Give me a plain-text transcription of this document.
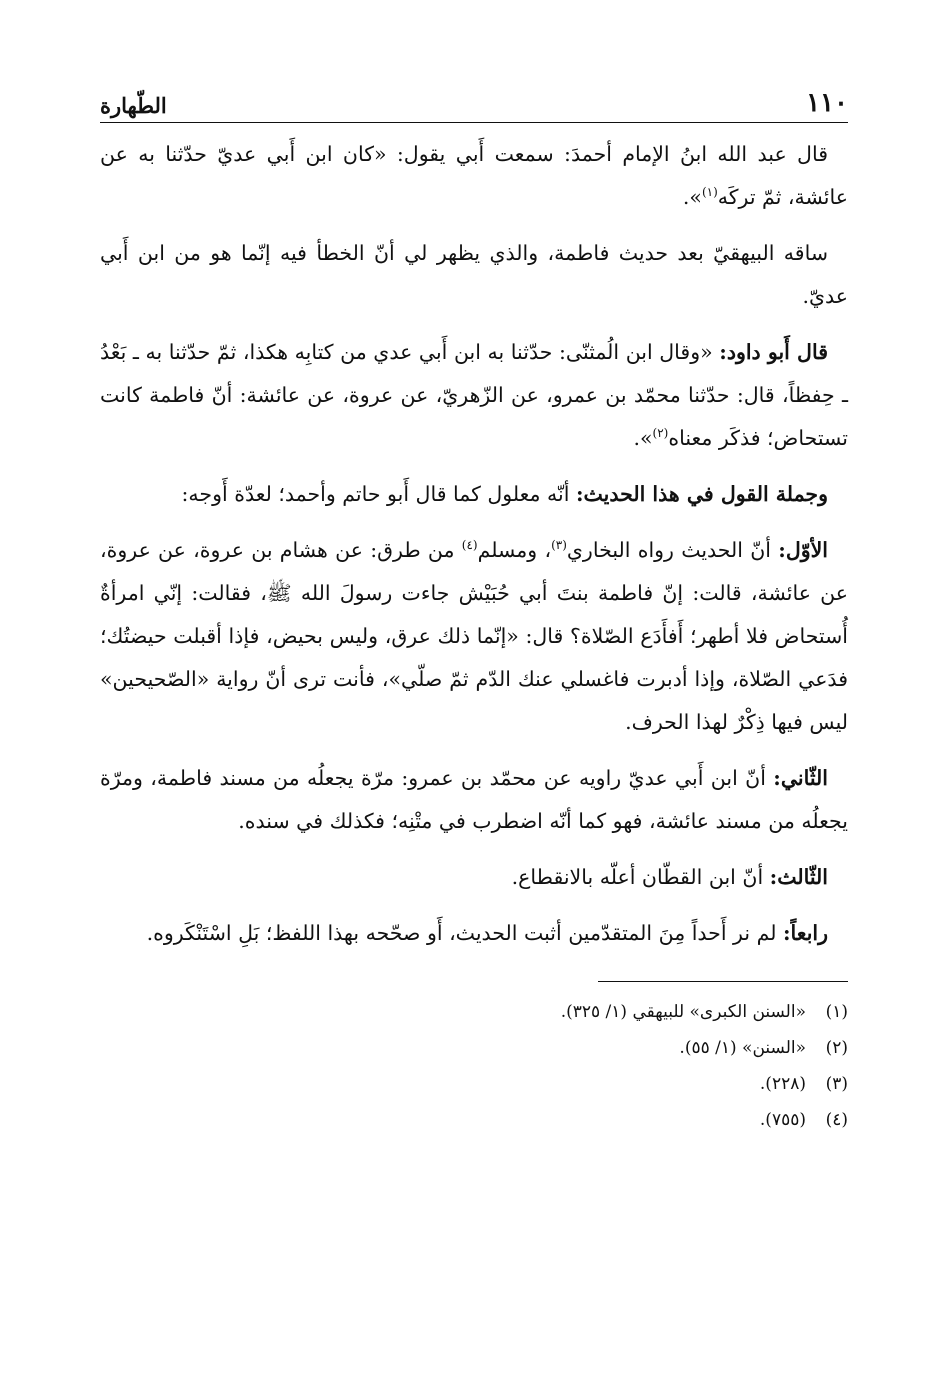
١١٠
الطّهارة

قال عبد الله ابنُ الإمام أحمدَ: سمعت أَبي يقول: «كان ابن أَبي عديّ حدّثنا به عن عائشة، ثمّ تركَه$^{(١)}$».

ساقه البيهقيّ بعد حديث فاطمة، والذي يظهر لي أنّ الخطأ فيه إنّما هو من ابن أَبي عديّ.

قال أَبو داود: «وقال ابن الُمثنّى: حدّثنا به ابن أَبي عدي من كتابِه هكذا، ثمّ حدّثنا به ـ بَعْدُ ـ حِفظاً، قال: حدّثنا محمّد بن عمرو، عن الزّهريّ، عن عروة، عن عائشة: أنّ فاطمة كانت تستحاض؛ فذكَر معناه$^{(٢)}$».

وجملة القول في هذا الحديث: أنّه معلول كما قال أَبو حاتم وأحمد؛ لعدّة أَوجه:

الأوّل: أنّ الحديث رواه البخاري$^{(٣)}$، ومسلم$^{(٤)}$ من طرق: عن هشام بن عروة، عن عروة، عن عائشة، قالت: إنّ فاطمة بنتَ أبي حُبَيْش جاءت رسولَ الله ﷺ، فقالت: إنّي امرأةٌ أُستحاض فلا أطهر؛ أَفأَدَع الصّلاة؟ قال: «إنّما ذلك عرق، وليس بحيض، فإذا أقبلت حيضتُك؛ فدَعي الصّلاة، وإذا أدبرت فاغسلي عنك الدّم ثمّ صلّي»، فأنت ترى أنّ رواية «الصّحيحين» ليس فيها ذِكْرٌ لهذا الحرف.

الثّاني: أنّ ابن أَبي عديّ راويه عن محمّد بن عمرو: مرّة يجعلُه من مسند فاطمة، ومرّة يجعلُه من مسند عائشة، فهو كما أنّه اضطرب في متْنِه؛ فكذلك في سنده.

الثّالث: أنّ ابن القطّان أعلّه بالانقطاع.

رابعاً: لم نر أَحداً مِنَ المتقدّمين أثبت الحديث، أَو صحّحه بهذا اللفظ؛ بَلِ اسْتَنْكَروه.

(١)
«السنن الكبرى» للبيهقي (١/ ٣٢٥).
(٢)
«السنن» (١/ ٥٥).
(٣)
(٢٢٨).
(٤)
(٧٥٥).
